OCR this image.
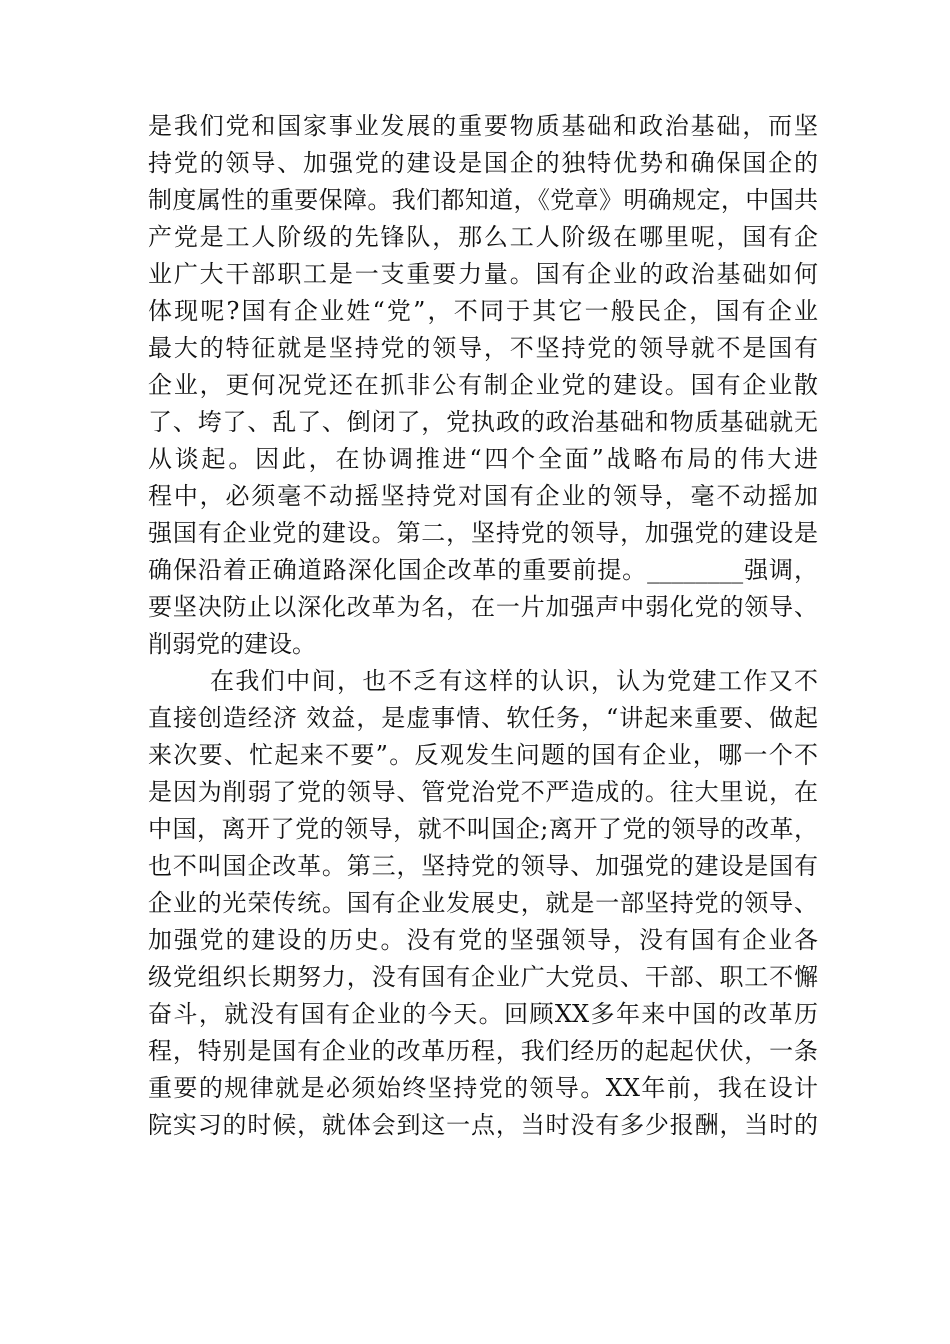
是我们党和国家事业发展的重要物质基础和政治基础，而坚
持党的领导、加强党的建设是国企的独特优势和确保国企的
制度属性的重要保障。我们都知道，《党章》明确规定，中国共
产党是工人阶级的先锋队，那么工人阶级在哪里呢，国有企
业广大干部职工是一支重要力量。国有企业的政治基础如何
体现呢?国有企业姓“党”，不同于其它一般民企，国有企业
最大的特征就是坚持党的领导，不坚持党的领导就不是国有
企业，更何况党还在抓非公有制企业党的建设。国有企业散
了、垮了、乱了、倒闭了，党执政的政治基础和物质基础就无
从谈起。因此，在协调推进“四个全面”战略布局的伟大进
程中，必须毫不动摇坚持党对国有企业的领导，毫不动摇加
强国有企业党的建设。第二，坚持党的领导，加强党的建设是
确保沿着正确道路深化国企改革的重要前提。________强调，
要坚决防止以深化改革为名，在一片加强声中弱化党的领导、
削弱党的建设。
在我们中间，也不乏有这样的认识，认为党建工作又不
直接创造经济 效益，是虚事情、软任务，“讲起来重要、做起
来次要、忙起来不要”。反观发生问题的国有企业，哪一个不
是因为削弱了党的领导、管党治党不严造成的。往大里说，在
中国，离开了党的领导，就不叫国企;离开了党的领导的改革，
也不叫国企改革。第三，坚持党的领导、加强党的建设是国有
企业的光荣传统。国有企业发展史，就是一部坚持党的领导、
加强党的建设的历史。没有党的坚强领导，没有国有企业各
级党组织长期努力，没有国有企业广大党员、干部、职工不懈
奋斗，就没有国有企业的今天。回顾XX多年来中国的改革历
程，特别是国有企业的改革历程，我们经历的起起伏伏，一条
重要的规律就是必须始终坚持党的领导。XX年前，我在设计
院实习的时候，就体会到这一点，当时没有多少报酬，当时的
